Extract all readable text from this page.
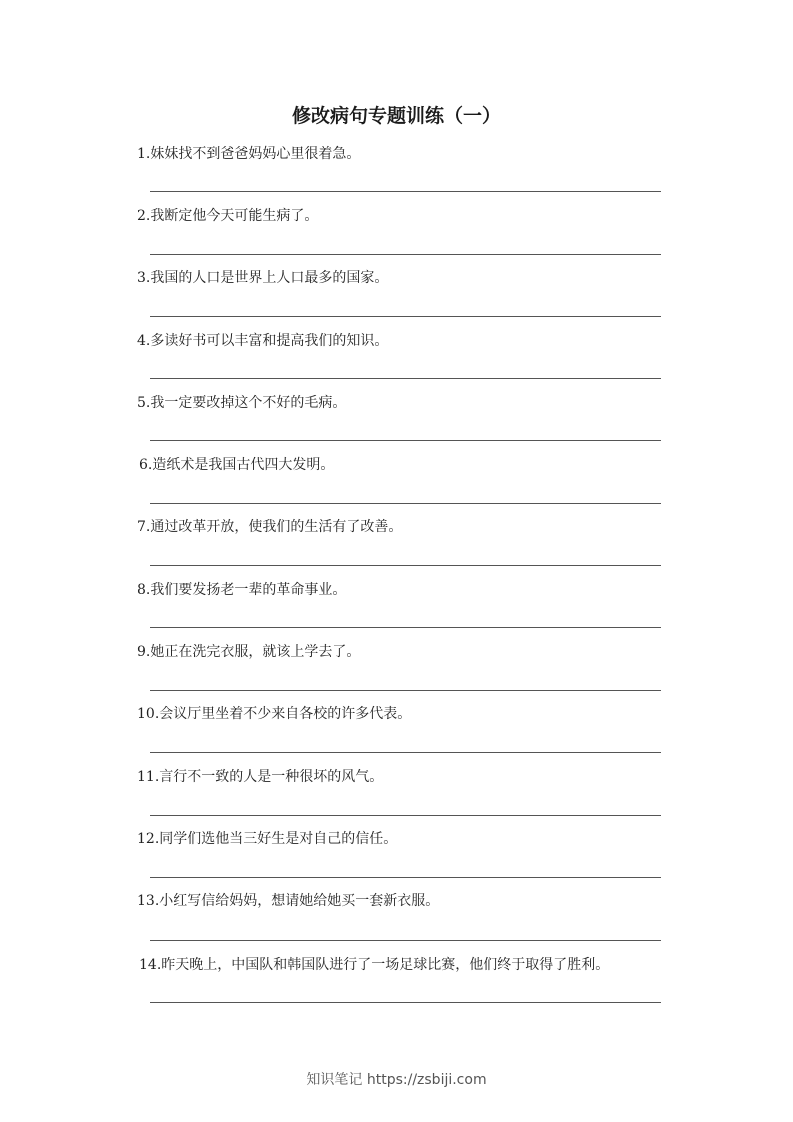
修改病句专题训练（一）
1.妹妹找不到爸爸妈妈心里很着急。
2.我断定他今天可能生病了。
3.我国的人口是世界上人口最多的国家。
4.多读好书可以丰富和提高我们的知识。
5.我一定要改掉这个不好的毛病。
6.造纸术是我国古代四大发明。
7.通过改革开放，使我们的生活有了改善。
8.我们要发扬老一辈的革命事业。
9.她正在洗完衣服，就该上学去了。
10.会议厅里坐着不少来自各校的许多代表。
11.言行不一致的人是一种很坏的风气。
12.同学们选他当三好生是对自己的信任。
13.小红写信给妈妈，想请她给她买一套新衣服。
14.昨天晚上，中国队和韩国队进行了一场足球比赛，他们终于取得了胜利。
知识笔记 https://zsbiji.com
